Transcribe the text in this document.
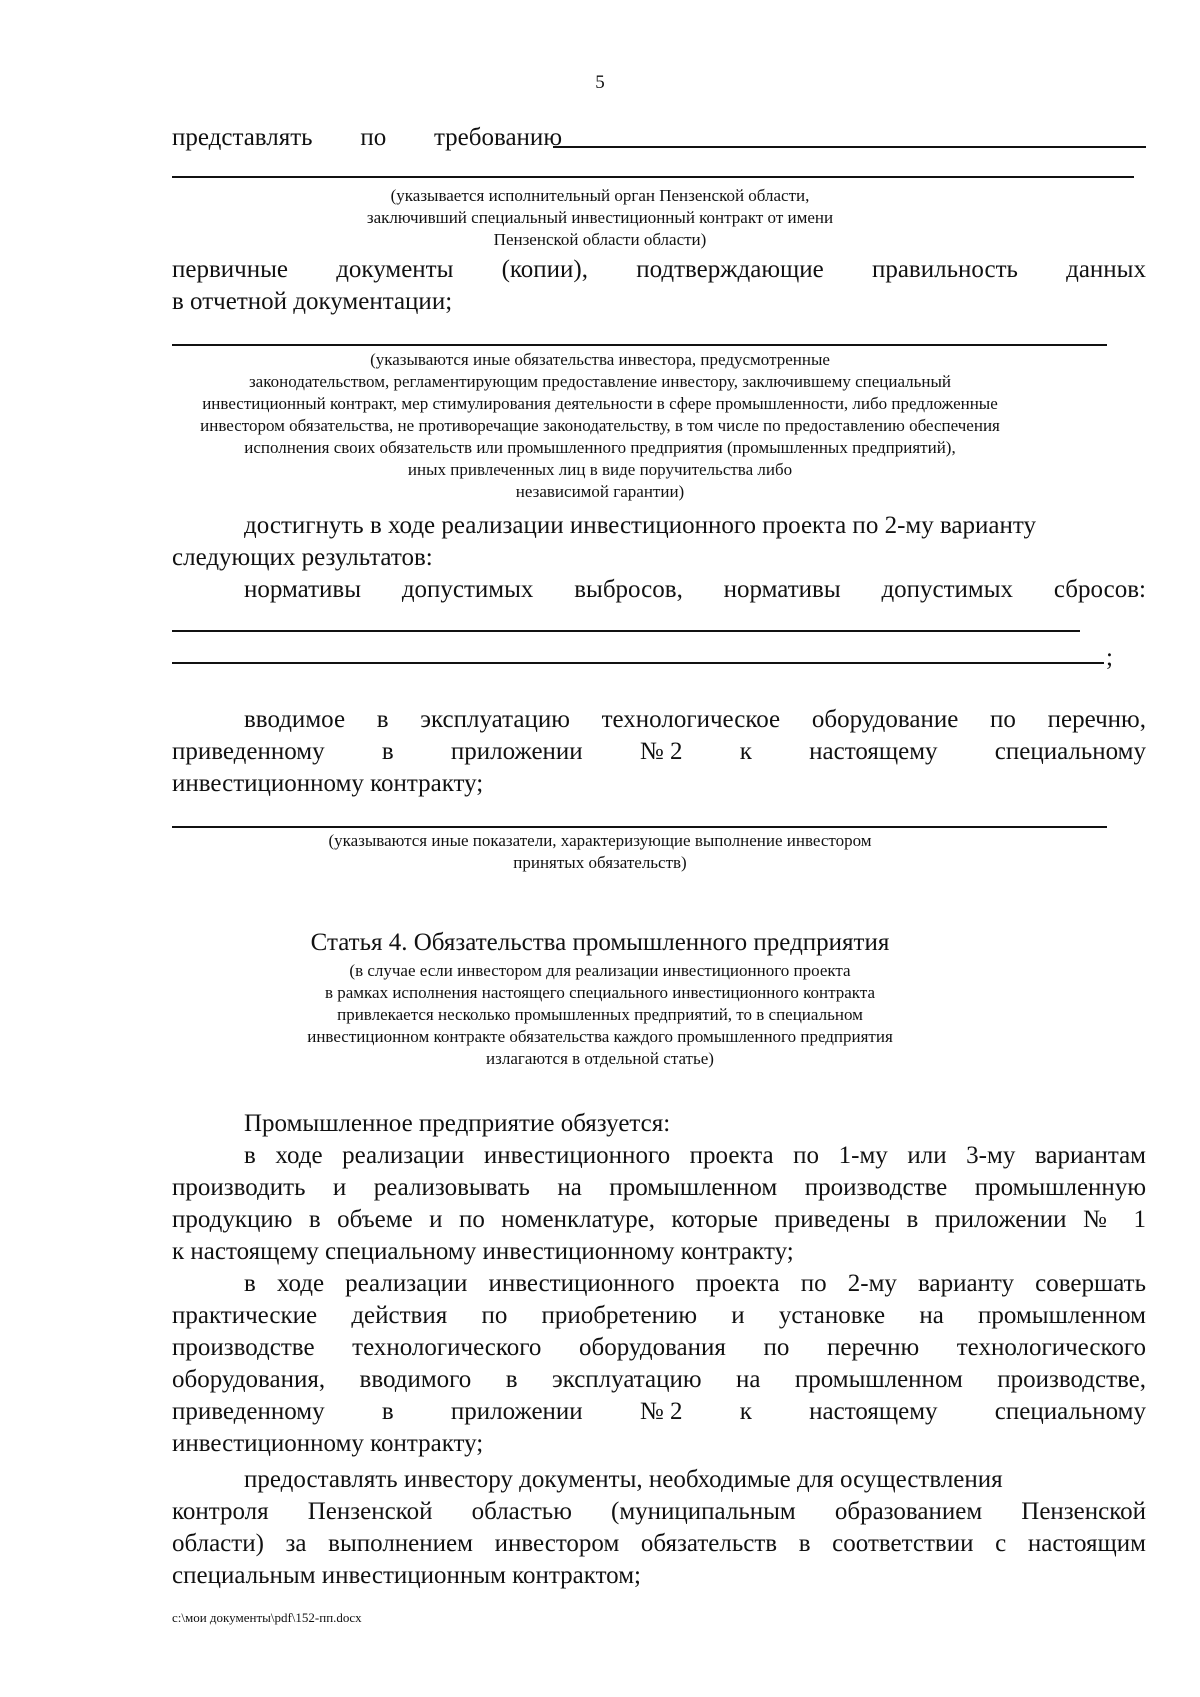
5
представлять по требованию
(указывается исполнительный орган Пензенской области,
заключивший специальный инвестиционный контракт от имени
Пензенской области области)
первичные документы (копии), подтверждающие правильность данных
в отчетной документации;
(указываются иные обязательства инвестора, предусмотренные
законодательством, регламентирующим предоставление инвестору, заключившему специальный
инвестиционный контракт, мер стимулирования деятельности в сфере промышленности, либо предложенные
инвестором обязательства, не противоречащие законодательству, в том числе по предоставлению обеспечения
исполнения своих обязательств или промышленного предприятия (промышленных предприятий),
иных привлеченных лиц в виде поручительства либо
независимой гарантии)
достигнуть в ходе реализации инвестиционного проекта по 2-му варианту
следующих результатов:
нормативы допустимых выбросов, нормативы допустимых сбросов:
;
вводимое в эксплуатацию технологическое оборудование по перечню,
приведенному в приложении № 2 к настоящему специальному
инвестиционному контракту;
(указываются иные показатели, характеризующие выполнение инвестором
принятых обязательств)
Статья 4. Обязательства промышленного предприятия
(в случае если инвестором для реализации инвестиционного проекта
в рамках исполнения настоящего специального инвестиционного контракта
привлекается несколько промышленных предприятий, то в специальном
инвестиционном контракте обязательства каждого промышленного предприятия
излагаются в отдельной статье)
Промышленное предприятие обязуется:
в ходе реализации инвестиционного проекта по 1-му или 3-му вариантам
производить и реализовывать на промышленном производстве промышленную
продукцию в объеме и по номенклатуре, которые приведены в приложении № 1
к настоящему специальному инвестиционному контракту;
в ходе реализации инвестиционного проекта по 2-му варианту совершать
практические действия по приобретению и установке на промышленном
производстве технологического оборудования по перечню технологического
оборудования, вводимого в эксплуатацию на промышленном производстве,
приведенному в приложении № 2 к настоящему специальному
инвестиционному контракту;
предоставлять инвестору документы, необходимые для осуществления
контроля Пензенской областью (муниципальным образованием Пензенской
области) за выполнением инвестором обязательств в соответствии с настоящим
специальным инвестиционным контрактом;
c:\мои документы\pdf\152-пп.docx
